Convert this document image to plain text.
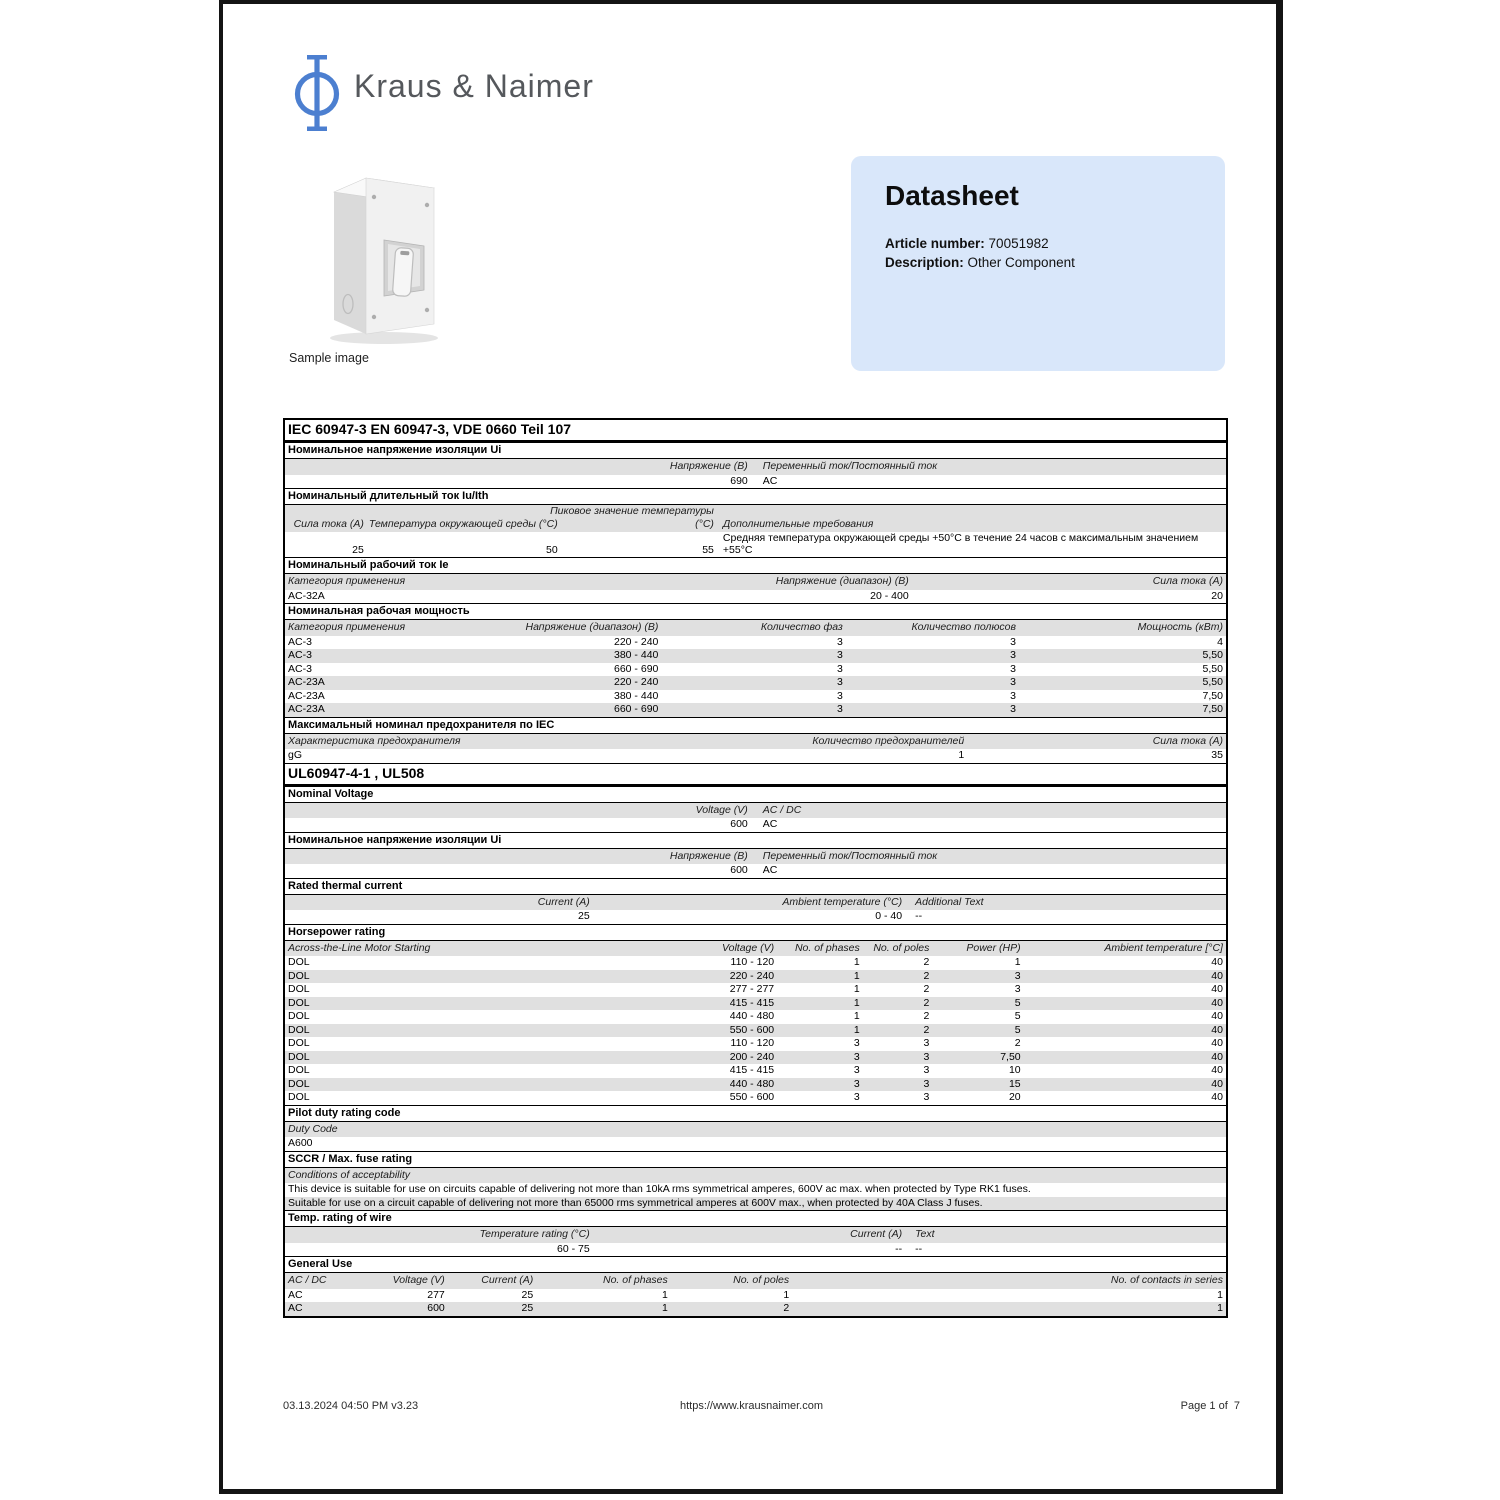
Kraus & Naimer
Sample image
Datasheet
Article number: 70051982
Description: Other Component
IEC 60947-3 EN 60947-3, VDE 0660 Teil 107
Номинальное напряжение изоляции Ui
Напряжение (В)	Переменный ток/Постоянный ток
690	AC
Номинальный длительный ток Iu/Ith
Пиковое значение температуры
Сила тока (А) Температура окружающей среды (°C)	(°C) Дополнительные требования
25	50	55
Средняя температура окружающей среды +50°C в течение 24 часов с максимальным значением +55°C
Номинальный рабочий ток Ie
Категория применения	Напряжение (диапазон) (В)	Сила тока (А)
AC-32A	20 - 400	20
Номинальная рабочая мощность
Категория применения	Напряжение (диапазон) (В)	Количество фаз	Количество полюсов	Мощность (кВт)
AC-3	220 - 240	3	3	4
AC-3	380 - 440	3	3	5,50
AC-3	660 - 690	3	3	5,50
AC-23A	220 - 240	3	3	5,50
AC-23A	380 - 440	3	3	7,50
AC-23A	660 - 690	3	3	7,50
Максимальный номинал предохранителя по IEC
Характеристика предохранителя	Количество предохранителей	Сила тока (А)
gG	1	35
UL60947-4-1 , UL508
Nominal Voltage
Voltage (V)	AC / DC
600	AC
Номинальное напряжение изоляции Ui
Напряжение (В)	Переменный ток/Постоянный ток
600	AC
Rated thermal current
Current (A)	Ambient temperature (°C)	Additional Text
25	0 - 40	--
Horsepower rating
Across-the-Line Motor Starting	Voltage (V)	No. of phases	No. of poles	Power (HP)	Ambient temperature [°C]
DOL	110 - 120	1	2	1	40
DOL	220 - 240	1	2	3	40
DOL	277 - 277	1	2	3	40
DOL	415 - 415	1	2	5	40
DOL	440 - 480	1	2	5	40
DOL	550 - 600	1	2	5	40
DOL	110 - 120	3	3	2	40
DOL	200 - 240	3	3	7,50	40
DOL	415 - 415	3	3	10	40
DOL	440 - 480	3	3	15	40
DOL	550 - 600	3	3	20	40
Pilot duty rating code
Duty Code
A600
SCCR / Max. fuse rating
Conditions of acceptability
This device is suitable for use on circuits capable of delivering not more than 10kA rms symmetrical amperes, 600V ac max. when protected by Type RK1 fuses.
Suitable for use on a circuit capable of delivering not more than 65000 rms symmetrical amperes at 600V max., when protected by 40A Class J fuses.
Temp. rating of wire
Temperature rating (°C)	Current (A)	Text
60 - 75	--	--
General Use
AC / DC	Voltage (V)	Current (A)	No. of phases	No. of poles	No. of contacts in series
AC	277	25	1	1	1
AC	600	25	1	2	1
03.13.2024 04:50 PM v3.23	https://www.krausnaimer.com	Page 1 of  7
